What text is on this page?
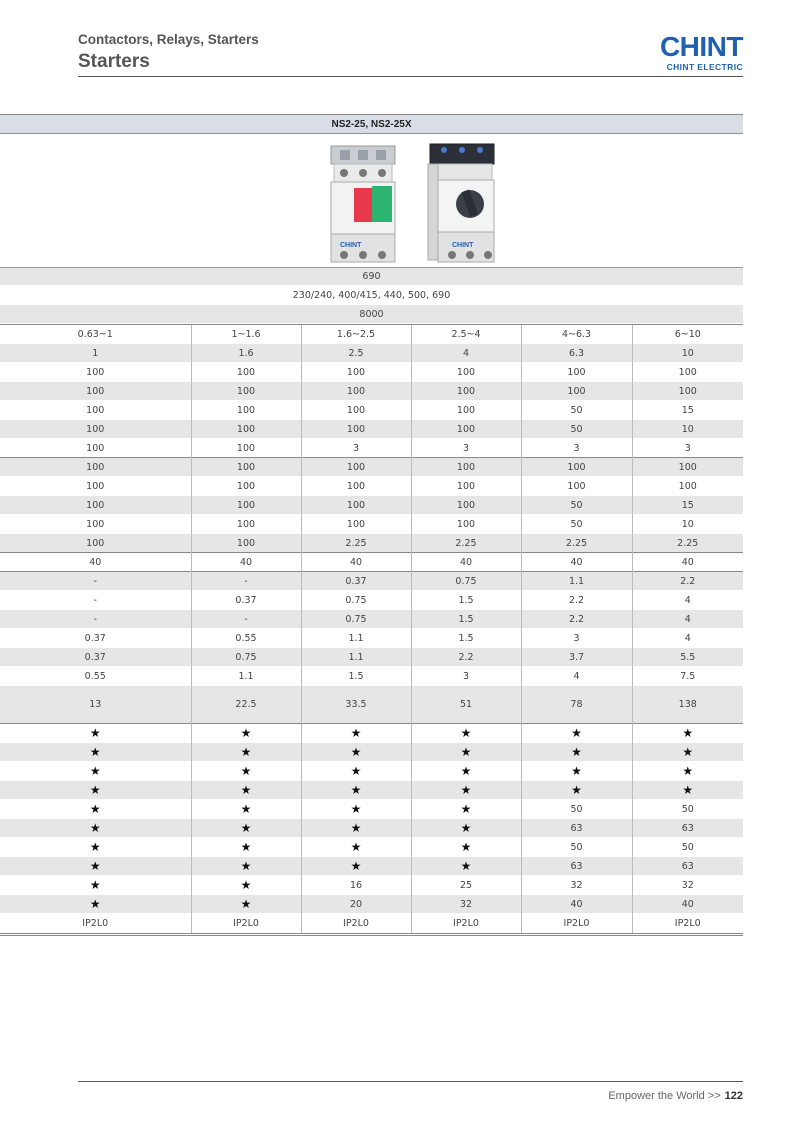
Contactors, Relays, Starters
Starters	CHINT
CHINT ELECTRIC
NS2-25, NS2-25X
CHINT	CHINT
690
230/240, 400/415, 440, 500, 690
8000
0.63~1	1~1.6	1.6~2.5	2.5~4	4~6.3	6~10
1	1.6	2.5	4	6.3	10
100	100	100	100	100	100
100	100	100	100	100	100
100	100	100	100	50	15
100	100	100	100	50	10
100	100	3	3	3	3
100	100	100	100	100	100
100	100	100	100	100	100
100	100	100	100	50	15
100	100	100	100	50	10
100	100	2.25	2.25	2.25	2.25
40	40	40	40	40	40
-	-	0.37	0.75	1.1	2.2
-	0.37	0.75	1.5	2.2	4
-	-	0.75	1.5	2.2	4
0.37	0.55	1.1	1.5	3	4
0.37	0.75	1.1	2.2	3.7	5.5
0.55	1.1	1.5	3	4	7.5
13	22.5	33.5	51	78	138
★	★	★	★	★	★
★	★	★	★	★	★
★	★	★	★	★	★
★	★	★	★	★	★
★	★	★	★	50	50
★	★	★	★	63	63
★	★	★	★	50	50
★	★	★	★	63	63
★	★	16	25	32	32
★	★	20	32	40	40
IP2L0	IP2L0	IP2L0	IP2L0	IP2L0	IP2L0
Empower the World >> 122
